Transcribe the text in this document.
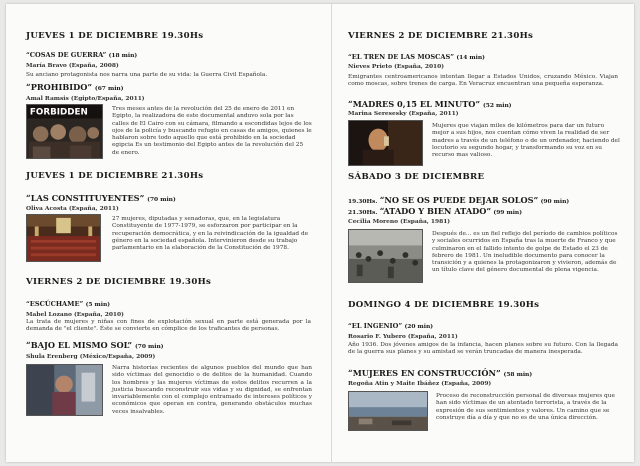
JUEVES 1 DE DICIEMBRE 19.30Hs
“COSAS DE GUERRA” (18 min)
María Bravo (España, 2008)
Su anciano protagonista nos narra una parte de su vida: la Guerra Civil Española.
“PROHIBIDO” (67 min)
Amal Ramsis (Egipto/España, 2011)
FORBIDDEN	Tres meses antes de la revolución del 25 de enero de 2011 en Egipto, la realizadora de este documental anduvo sola por las calles de El Cairo con su cámara, filmando a escondidas lejos de los ojos de la policía y buscando refugio en casas de amigos, quienes le hablaron sobre todo aquello que está prohibido en la sociedad egipcia Es un testimonio del Egipto antes de la revolución del 25 de enero.
JUEVES 1 DE DICIEMBRE 21.30Hs
“LAS CONSTITUYENTES” (70 min)
Oliva Acosta (España, 2011)
27 mujeres, diputadas y senadoras, que, en la legislatura Constituyente de 1977-1979, se esforzaron por participar en la recuperación democrática, y en la reivindicación de la igualdad de género en la sociedad española. Intervinieron desde su trabajo parlamentario en la elaboración de la Constitución de 1978.
VIERNES 2 DE DICIEMBRE 19.30Hs
“ESCÚCHAME” (5 min)
Mabel Lozano (España, 2010)
La trata de mujeres y niñas con fines de explotación sexual en parte está generada por la demanda de "el cliente". Éste se convierte en cómplice de los traficantes de personas.
“BAJO EL MISMO SOL” (70 min)
Shula Erenberg (México/España, 2009)
Narra historias recientes de algunos pueblos del mundo que han sido víctimas del genocidio o de delitos de la humanidad. Cuando los hombres y las mujeres víctimas de estos delitos recurren a la justicia buscando reconstruir sus vidas y su dignidad, se enfrentan invariablemente con el complejo entramado de intereses políticos y económicos que operan en contra, generando obstáculos muchas veces insalvables.
VIERNES 2 DE DICIEMBRE 21.30Hs
“EL TREN DE LAS MOSCAS” (14 min)
Nieves Prieto (España, 2010)
Emigrantes centroamericanos intentan llegar a Estados Unidos, cruzando México. Viajan como moscas, sobre trenes de carga. En Veracruz encuentran una pequeña esperanza.
“MADRES 0,15 EL MINUTO” (52 min)
Marina Seresesky (España, 2011)
Mujeres que viajan miles de kilómetros para dar un futuro mejor a sus hijos, nos cuentan cómo viven la realidad de ser madres a través de un teléfono o de un ordenador, haciendo del locutorio su segundo hogar, y transformando su voz en su recurso mas valioso.
SÁBADO 3 DE DICIEMBRE
19.30Hs. “NO SE OS PUEDE DEJAR SOLOS” (90 min)
21.30Hs. “ATADO Y BIEN ATADO” (99 min)
Cecilia Moreno (España, 1981)
Después de... es un fiel reflejo del período de cambios políticos y sociales ocurridos en España tras la muerte de Franco y que culminaron en el fallido intento de golpe de Estado el 23 de febrero de 1981. Un ineludible documento para conocer la transición y a quienes la protagonizaron y vivieron, además de un título clave del género documental de plena vigencia.
DOMINGO 4 DE DICIEMBRE 19.30Hs
“EL INGENIO” (20 min)
Rosario F. Yubero (España, 2011)
Año 1936. Dos jóvenes amigos de la infancia, hacen planes sobre su futuro. Con la llegada de la guerra sus planes y su amistad se verán truncadas de manera inesperada.
“MUJERES EN CONSTRUCCIÓN” (58 min)
Regoña Atin y Maite Ibáñez (España, 2009)
Proceso de reconstrucción personal de diversas mujeres que han sido víctimas de un atentado terrorista, a través de la expresión de sus sentimientos y valores. Un camino que se construye día a día y que no es de una única dirección.
